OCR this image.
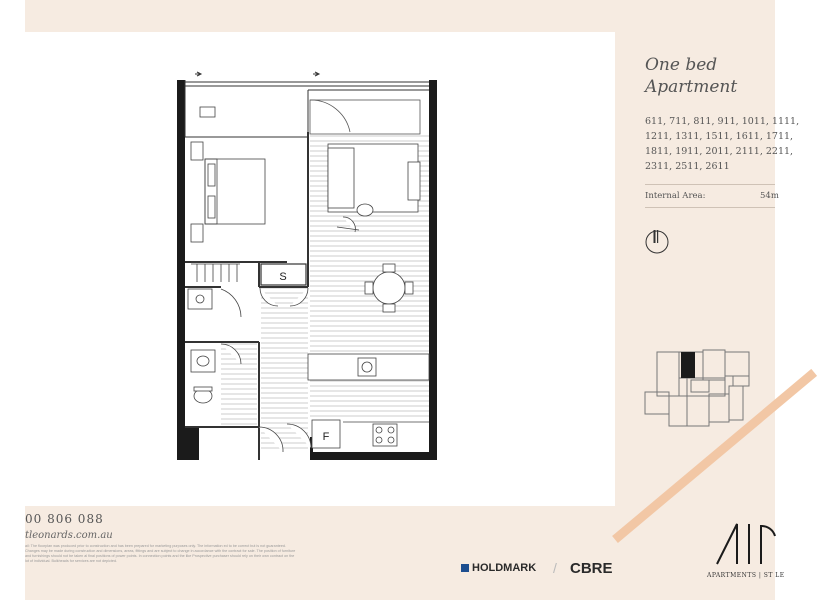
S
F
One bed
Apartment
611, 711, 811, 911, 1011, 1111,
1211, 1311, 1511, 1611, 1711,
1811, 1911, 2011, 2111, 2211,
2311, 2511, 2611
Internal Area:	54m
00 806 088
tleonards.com.au
ail: The floorplan was produced prior to construction and has been prepared for marketing purposes only. The information ed to be correct but is not guaranteed. Changes may be made during construction and dimensions, areas, fittings and are subject to change in accordance with the contract for sale. The position of furniture and furnishings should not be taken al final positions of power points. In connection points and the like Prospective purchaser should rely on their own contract on the lot of individual. Bulkheads for services are not depicted.
HOLDMARK / CBRE	APARTMENTS | ST LE
